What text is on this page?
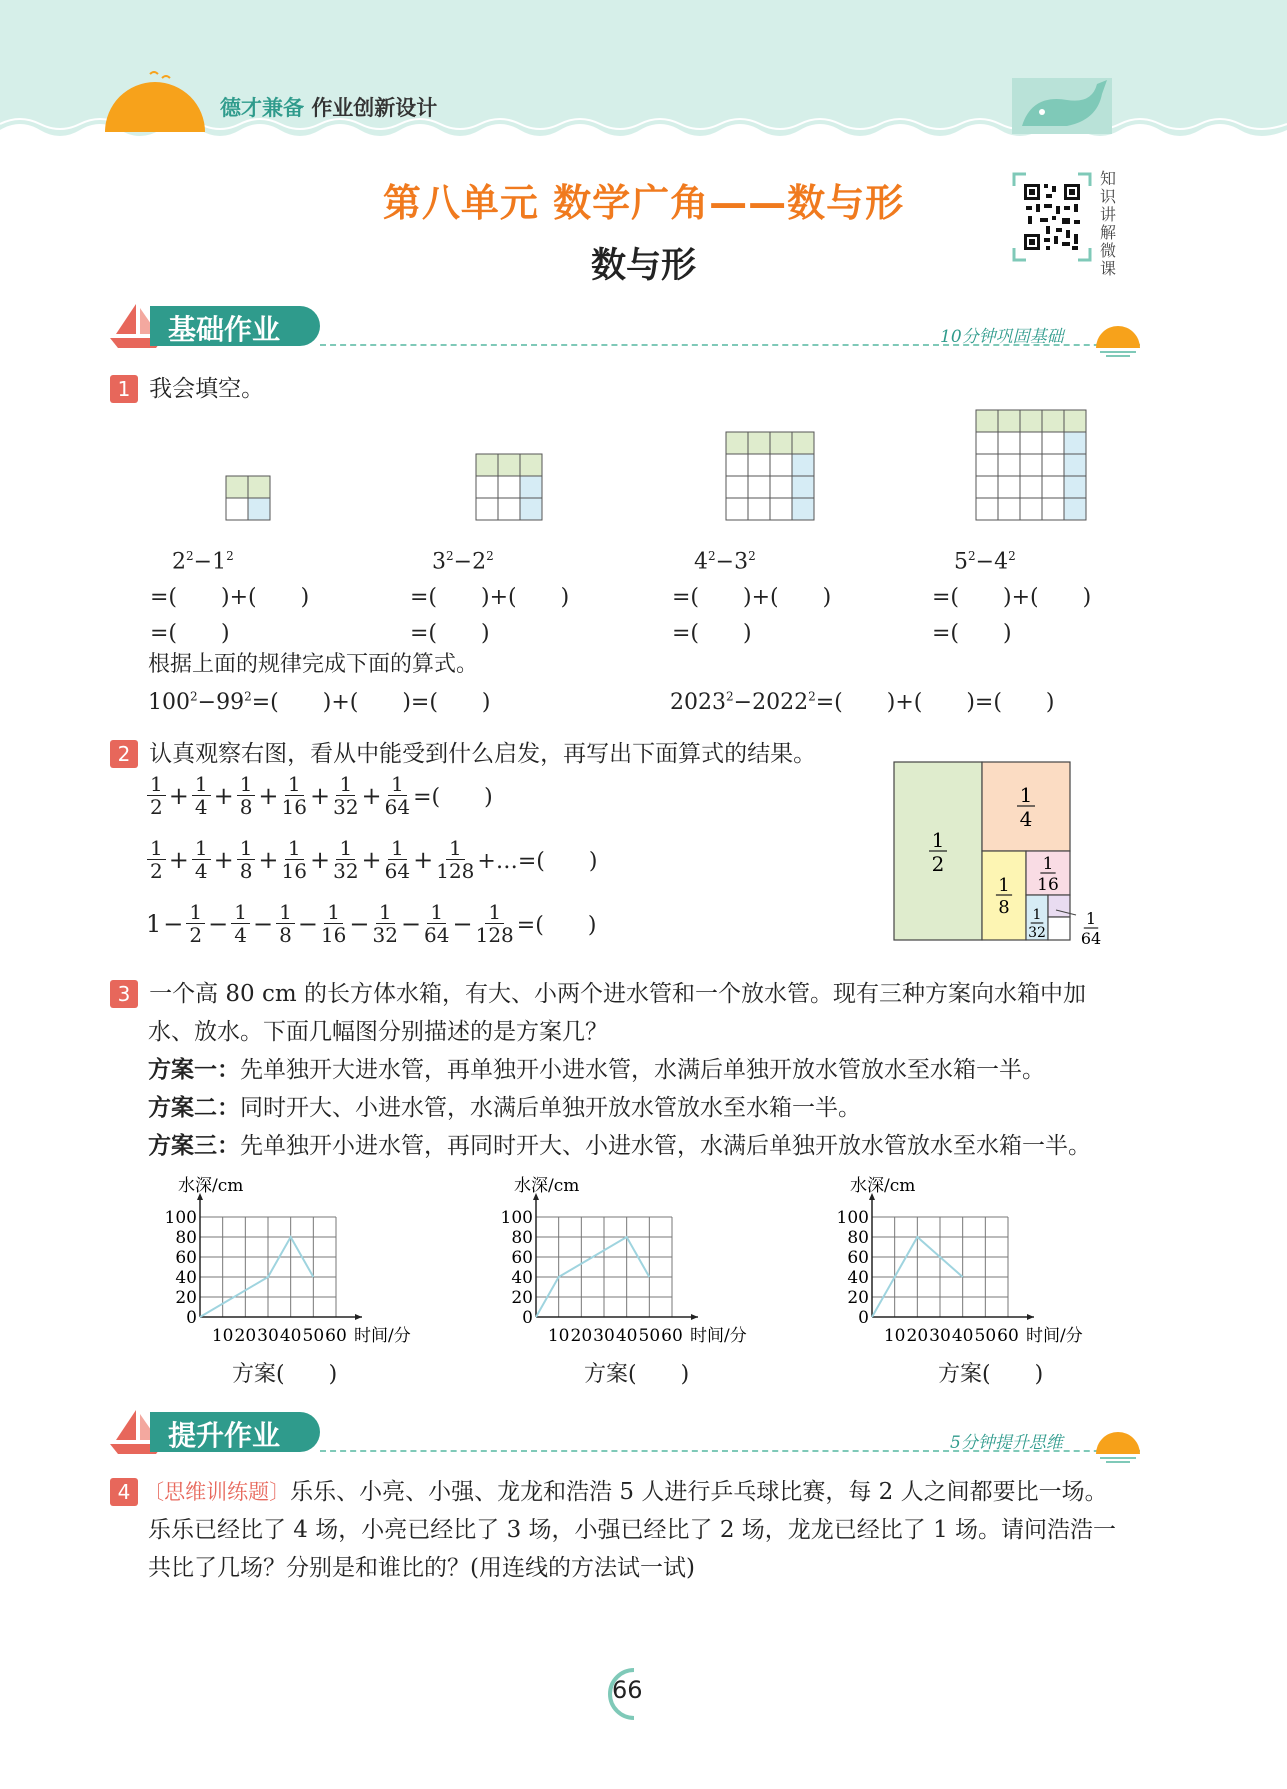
德才兼备 作业创新设计
第八单元 数学广角——数与形
数与形
知识讲解微课
基础作业	10分钟巩固基础
1 我会填空。
$2^2-1^2$
=(　　)+(　　)
=(　　)
$3^2-2^2$
=(　　)+(　　)
=(　　)
$4^2-3^2$
=(　　)+(　　)
=(　　)
$5^2-4^2$
=(　　)+(　　)
=(　　)
根据上面的规律完成下面的算式。
$100^2-99^2=$(　　)+(　　)=(　　)	$2023^2-2022^2=$(　　)+(　　)=(　　)
2 认真观察右图，看从中能受到什么启发，再写出下面算式的结果。
$\frac{1}{2} + \frac{1}{4} + \frac{1}{8} + \frac{1}{16} + \frac{1}{32} + \frac{1}{64}$ =(　　)
$\frac{1}{2} + \frac{1}{4} + \frac{1}{8} + \frac{1}{16} + \frac{1}{32} + \frac{1}{64} + \frac{1}{128}$ +…=(　　)
$1- \frac{1}{2} - \frac{1}{4} - \frac{1}{8} - \frac{1}{16} - \frac{1}{32} - \frac{1}{64} - \frac{1}{128}$ =(　　)
1
2
1
4
1
8
1
16
1
32
1
64
3 一个高 80 cm 的长方体水箱，有大、小两个进水管和一个放水管。现有三种方案向水箱中加
水、放水。下面几幅图分别描述的是方案几？
方案一：先单独开大进水管，再单独开小进水管，水满后单独开放水管放水至水箱一半。
方案二：同时开大、小进水管，水满后单独开放水管放水至水箱一半。
方案三：先单独开小进水管，再同时开大、小进水管，水满后单独开放水管放水至水箱一半。
水深/cm
0
20
40
60
80
100
10 20 30 40 50 60 时间/分
水深/cm
0
20
40
60
80
100
10 20 30 40 50 60 时间/分
水深/cm
0
20
40
60
80
100
10 20 30 40 50 60 时间/分
方案(　　)	方案(　　)	方案(　　)
提升作业	5分钟提升思维
4 〔思维训练题〕乐乐、小亮、小强、龙龙和浩浩 5 人进行乒乓球比赛，每 2 人之间都要比一场。
乐乐已经比了 4 场，小亮已经比了 3 场，小强已经比了 2 场，龙龙已经比了 1 场。请问浩浩一
共比了几场？分别是和谁比的？(用连线的方法试一试)
66
